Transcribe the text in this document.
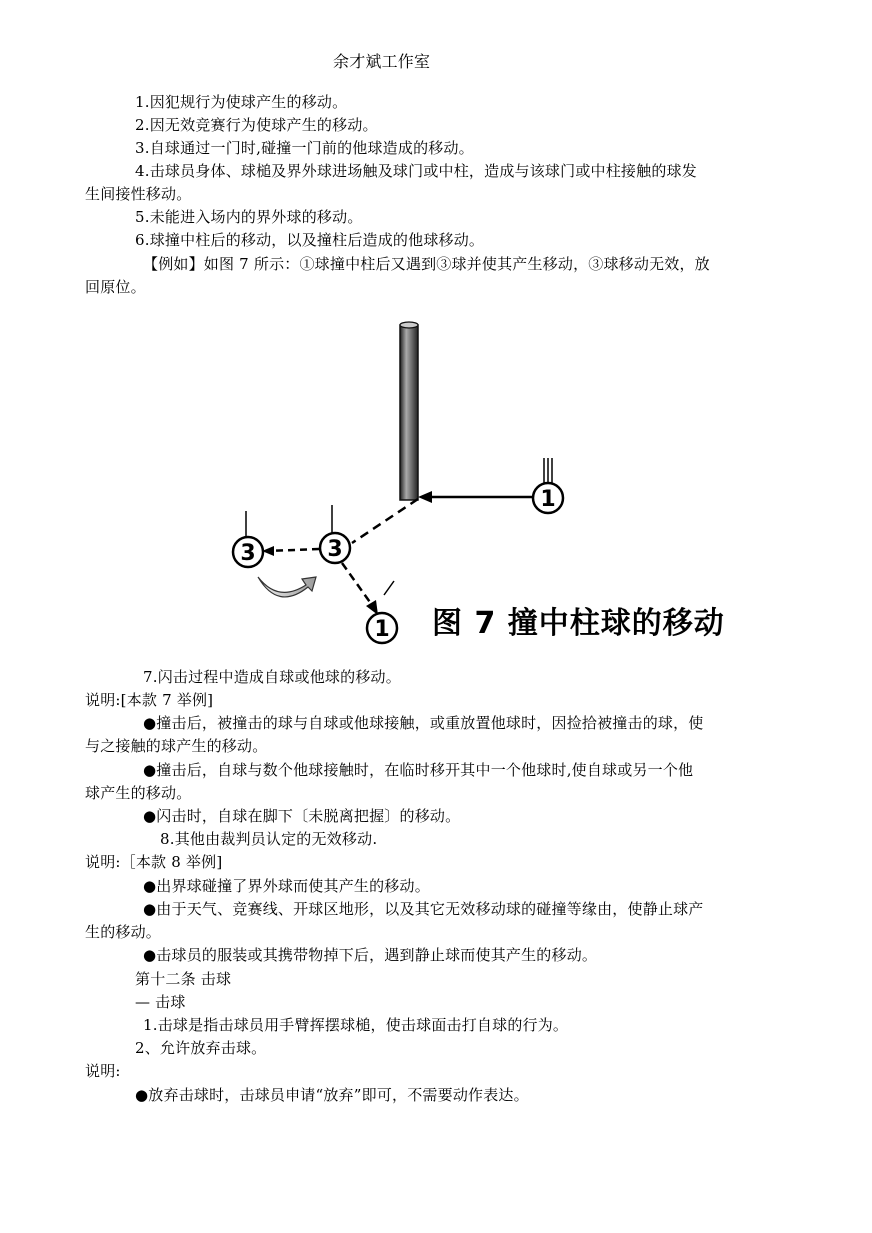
余才斌工作室
1.因犯规行为使球产生的移动。
2.因无效竞赛行为使球产生的移动。
3.自球通过一门时,碰撞一门前的他球造成的移动。
4.击球员身体、球槌及界外球进场触及球门或中柱，造成与该球门或中柱接触的球发
生间接性移动。
5.未能进入场内的界外球的移动。
6.球撞中柱后的移动，以及撞柱后造成的他球移动。
【例如】如图 7 所示：①球撞中柱后又遇到③球并使其产生移动，③球移动无效，放
回原位。
1
3
3
1 图 7 撞中柱球的移动
7.闪击过程中造成自球或他球的移动。
说明:[本款 7 举例]
●撞击后，被撞击的球与自球或他球接触，或重放置他球时，因捡拾被撞击的球，使
与之接触的球产生的移动。
●撞击后，自球与数个他球接触时，在临时移开其中一个他球时,使自球或另一个他
球产生的移动。
●闪击时，自球在脚下〔未脱离把握〕的移动。
8.其他由裁判员认定的无效移动.
说明:［本款 8 举例]
●出界球碰撞了界外球而使其产生的移动。
●由于天气、竞赛线、开球区地形，以及其它无效移动球的碰撞等缘由，使静止球产
生的移动。
●击球员的服装或其携带物掉下后，遇到静止球而使其产生的移动。
第十二条 击球
— 击球
1.击球是指击球员用手臂挥摆球槌，使击球面击打自球的行为。
2、允许放弃击球。
说明:
●放弃击球时，击球员申请“放弃”即可，不需要动作表达。
